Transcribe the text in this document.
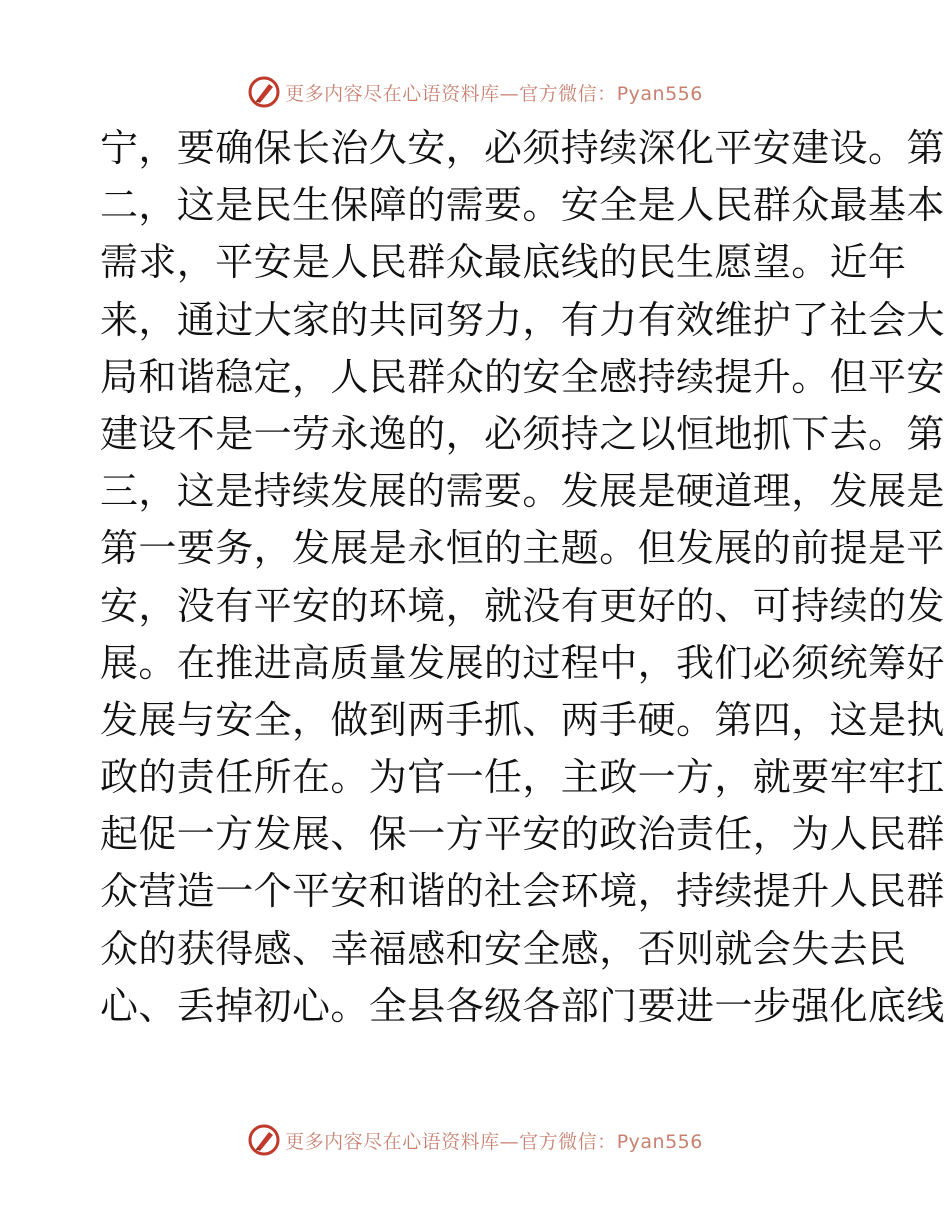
更多内容尽在心语资料库—官方微信：Pyan556
宁，要确保长治久安，必须持续深化平安建设。第
二，这是民生保障的需要。安全是人民群众最基本
需求，平安是人民群众最底线的民生愿望。近年
来，通过大家的共同努力，有力有效维护了社会大
局和谐稳定，人民群众的安全感持续提升。但平安
建设不是一劳永逸的，必须持之以恒地抓下去。第
三，这是持续发展的需要。发展是硬道理，发展是
第一要务，发展是永恒的主题。但发展的前提是平
安，没有平安的环境，就没有更好的、可持续的发
展。在推进高质量发展的过程中，我们必须统筹好
发展与安全，做到两手抓、两手硬。第四，这是执
政的责任所在。为官一任，主政一方，就要牢牢扛
起促一方发展、保一方平安的政治责任，为人民群
众营造一个平安和谐的社会环境，持续提升人民群
众的获得感、幸福感和安全感，否则就会失去民
心、丢掉初心。全县各级各部门要进一步强化底线
更多内容尽在心语资料库—官方微信：Pyan556
